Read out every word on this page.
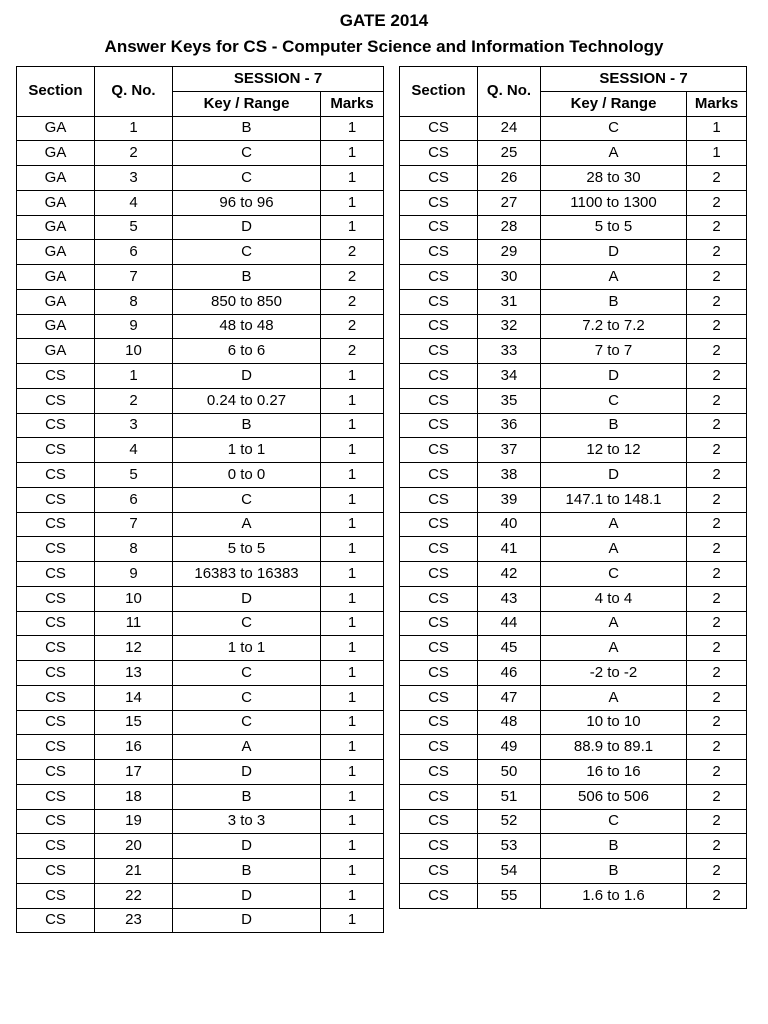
GATE 2014
Answer Keys for CS - Computer Science and Information Technology
Section	Q. No.	SESSION - 7	
		Key / Range	Marks
GA	1	B	1
GA	2	C	1
GA	3	C	1
GA	4	96 to 96	1
GA	5	D	1
GA	6	C	2
GA	7	B	2
GA	8	850 to 850	2
GA	9	48 to 48	2
GA	10	6 to 6	2
CS	1	D	1
CS	2	0.24 to 0.27	1
CS	3	B	1
CS	4	1 to 1	1
CS	5	0 to 0	1
CS	6	C	1
CS	7	A	1
CS	8	5 to 5	1
CS	9	16383 to 16383	1
CS	10	D	1
CS	11	C	1
CS	12	1 to 1	1
CS	13	C	1
CS	14	C	1
CS	15	C	1
CS	16	A	1
CS	17	D	1
CS	18	B	1
CS	19	3 to 3	1
CS	20	D	1
CS	21	B	1
CS	22	D	1
CS	23	D	1
Section	Q. No.	SESSION - 7	
		Key / Range	Marks
CS	24	C	1
CS	25	A	1
CS	26	28 to 30	2
CS	27	1100 to 1300	2
CS	28	5 to 5	2
CS	29	D	2
CS	30	A	2
CS	31	B	2
CS	32	7.2 to 7.2	2
CS	33	7 to 7	2
CS	34	D	2
CS	35	C	2
CS	36	B	2
CS	37	12 to 12	2
CS	38	D	2
CS	39	147.1 to 148.1	2
CS	40	A	2
CS	41	A	2
CS	42	C	2
CS	43	4 to 4	2
CS	44	A	2
CS	45	A	2
CS	46	-2 to -2	2
CS	47	A	2
CS	48	10 to 10	2
CS	49	88.9 to 89.1	2
CS	50	16 to 16	2
CS	51	506 to 506	2
CS	52	C	2
CS	53	B	2
CS	54	B	2
CS	55	1.6 to 1.6	2
